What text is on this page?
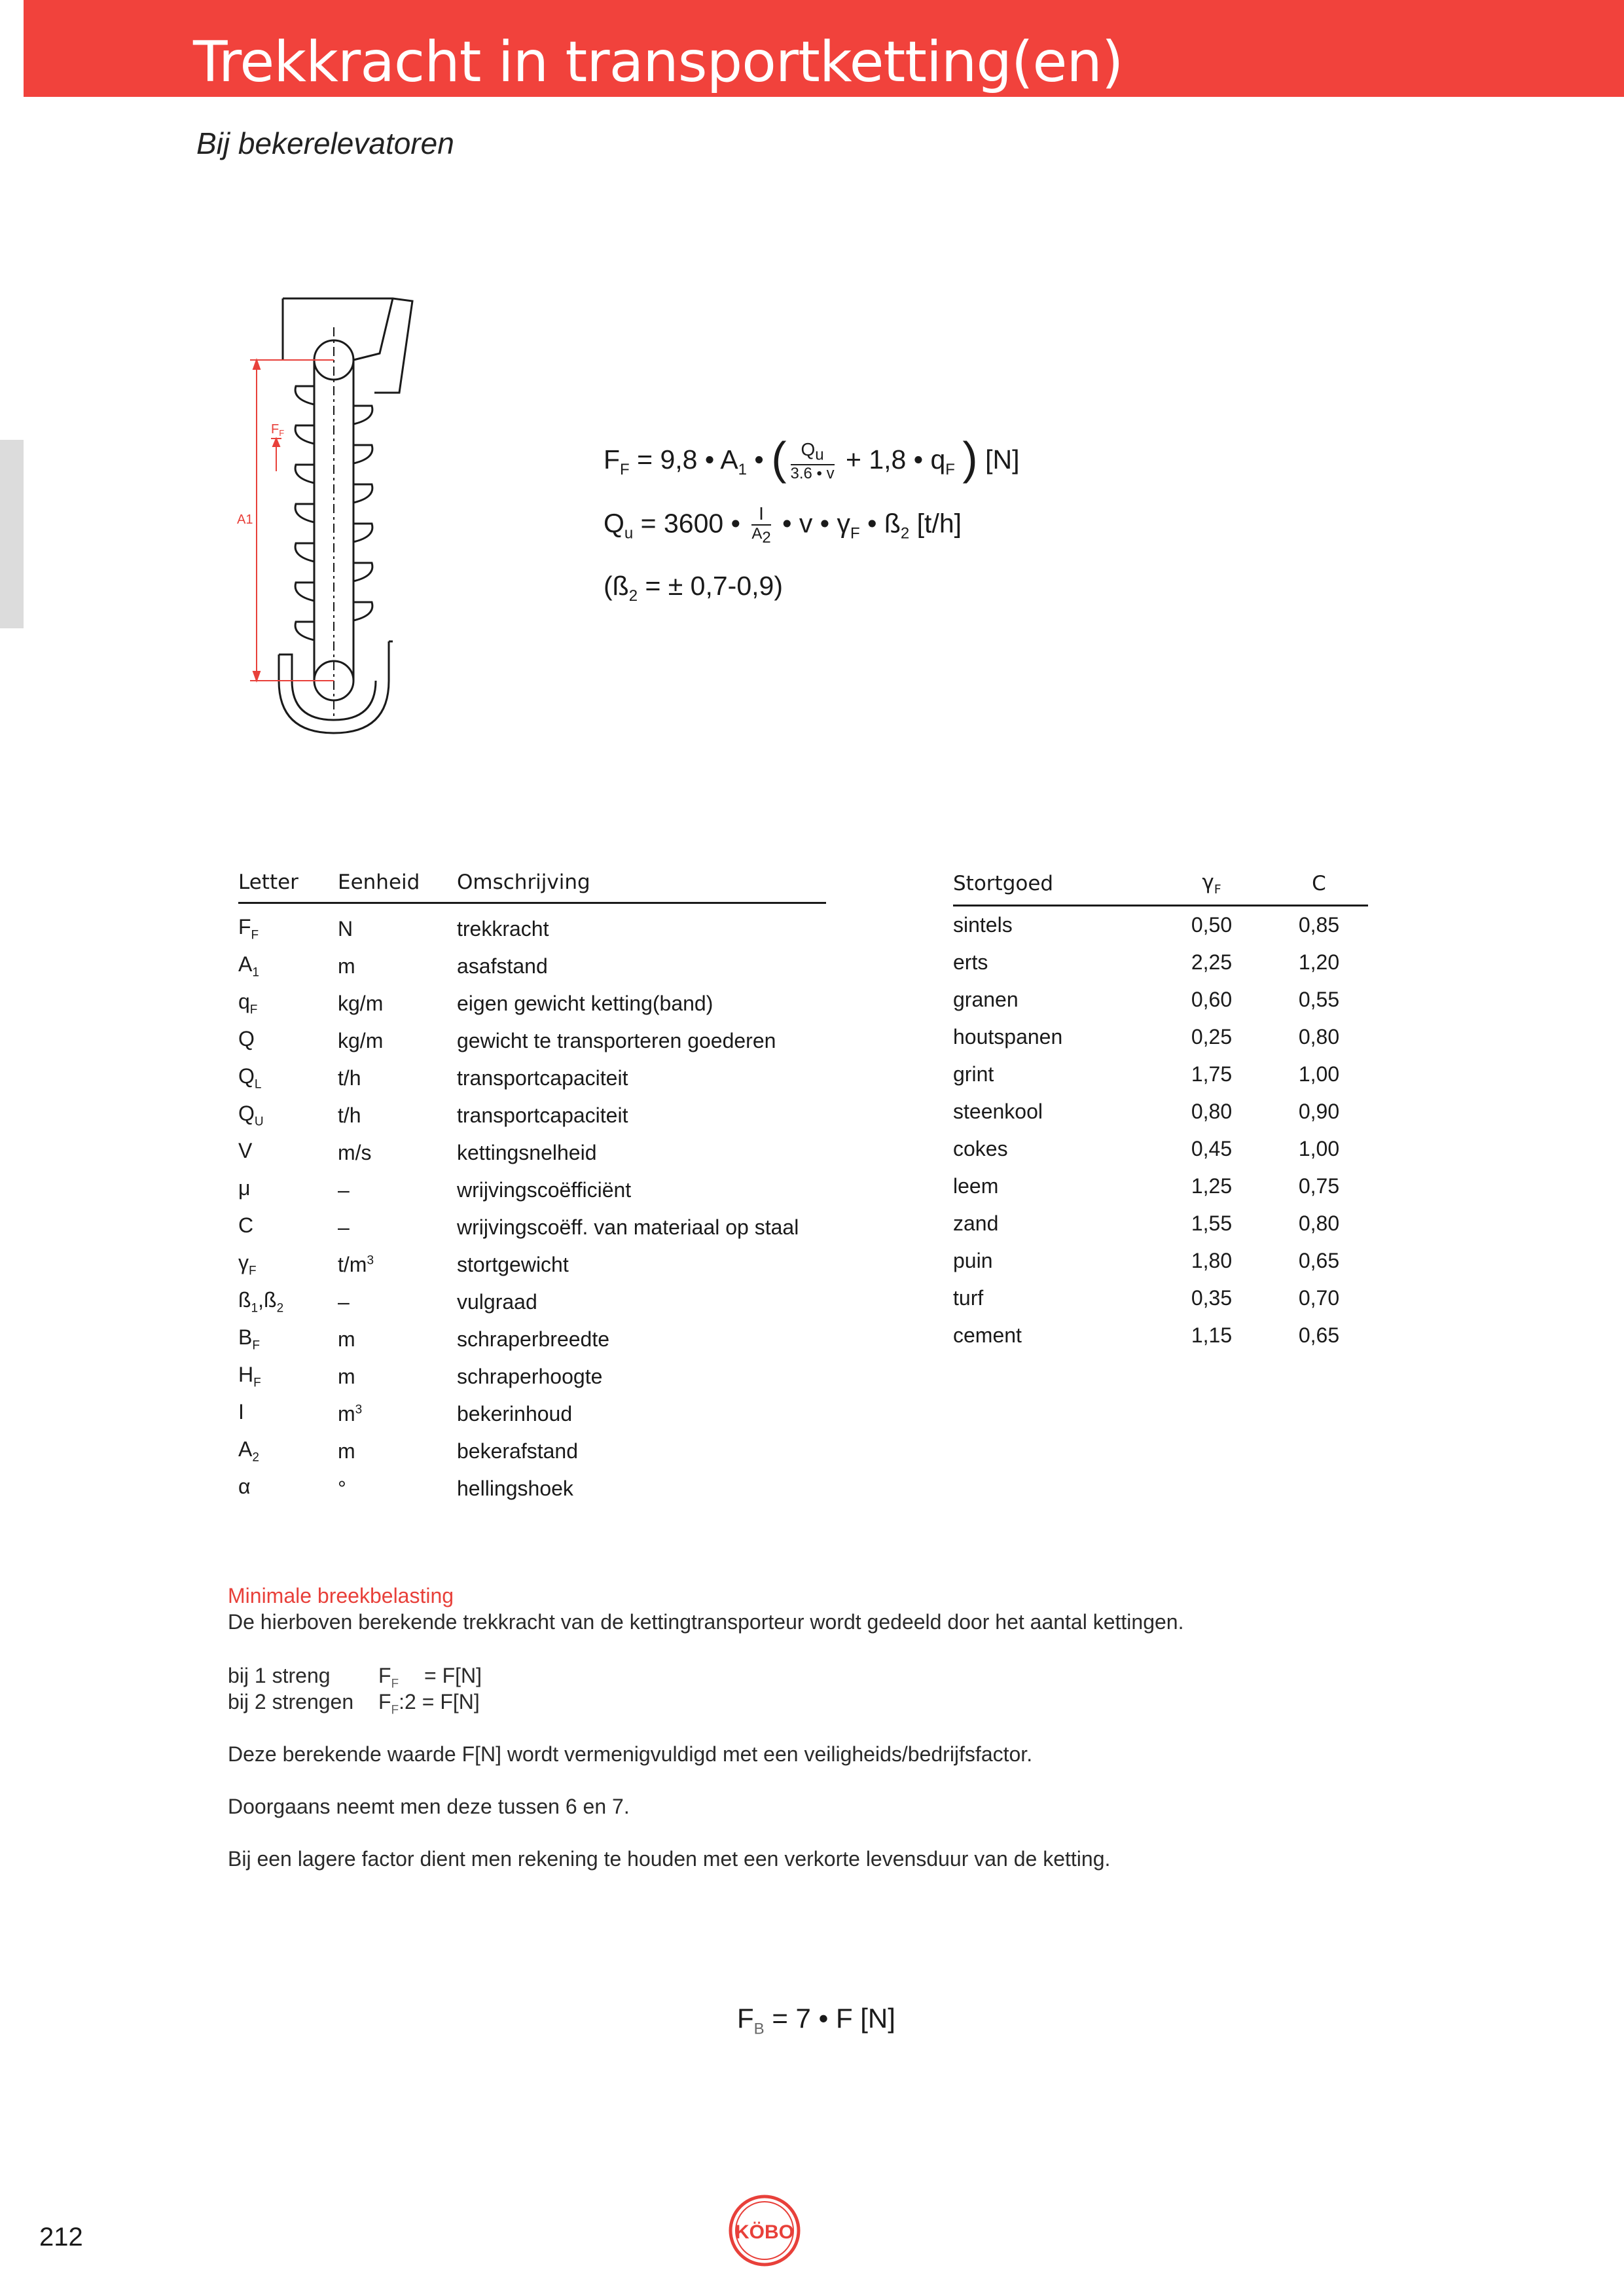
Trekkracht in transportketting(en)
Bij bekerelevatoren
$F_F$
A1
$F_F = 9,8$ • $A_1$ • ( $\frac{Q_u}{3.6 • v} + 1,8$ • $q_F$ ) [N]
$Q_u = 3600$ • $\frac{I}{A_2}$ • v • $\gamma_F$ • $ß_2$ [t/h]
($ß_2$ = ± 0,7-0,9)
Letter	Eenheid	Omschrijving
$F_F$	N	trekkracht
$A_1$	m	asafstand
$q_F$	kg/m	eigen gewicht ketting(band)
Q	kg/m	gewicht te transporteren goederen
$Q_L$	t/h	transportcapaciteit
$Q_U$	t/h	transportcapaciteit
V	m/s	kettingsnelheid
μ	–	wrijvingscoëfficiënt
C	–	wrijvingscoëff. van materiaal op staal
$\gamma_F$	$t/m^3$	stortgewicht
$ß_1,ß_2$	–	vulgraad
$B_F$	m	schraperbreedte
$H_F$	m	schraperhoogte
I	$m^3$	bekerinhoud
$A_2$	m	bekerafstand
α	°	hellingshoek
Stortgoed	$\gamma_F$	C
sintels	0,50	0,85
erts	2,25	1,20
granen	0,60	0,55
houtspanen	0,25	0,80
grint	1,75	1,00
steenkool	0,80	0,90
cokes	0,45	1,00
leem	1,25	0,75
zand	1,55	0,80
puin	1,80	0,65
turf	0,35	0,70
cement	1,15	0,65
Minimale breekbelasting
De hierboven berekende trekkracht van de kettingtransporteur wordt gedeeld door het aantal kettingen.
bij 1 streng $F_F = F[N]$
bij 2 strengen $F_F:2 = F[N]$
Deze berekende waarde F[N] wordt vermenigvuldigd met een veiligheids/bedrijfsfactor.
Doorgaans neemt men deze tussen 6 en 7.
Bij een lagere factor dient men rekening te houden met een verkorte levensduur van de ketting.
$F_B = 7$ • F [N]
212	KÖBO
